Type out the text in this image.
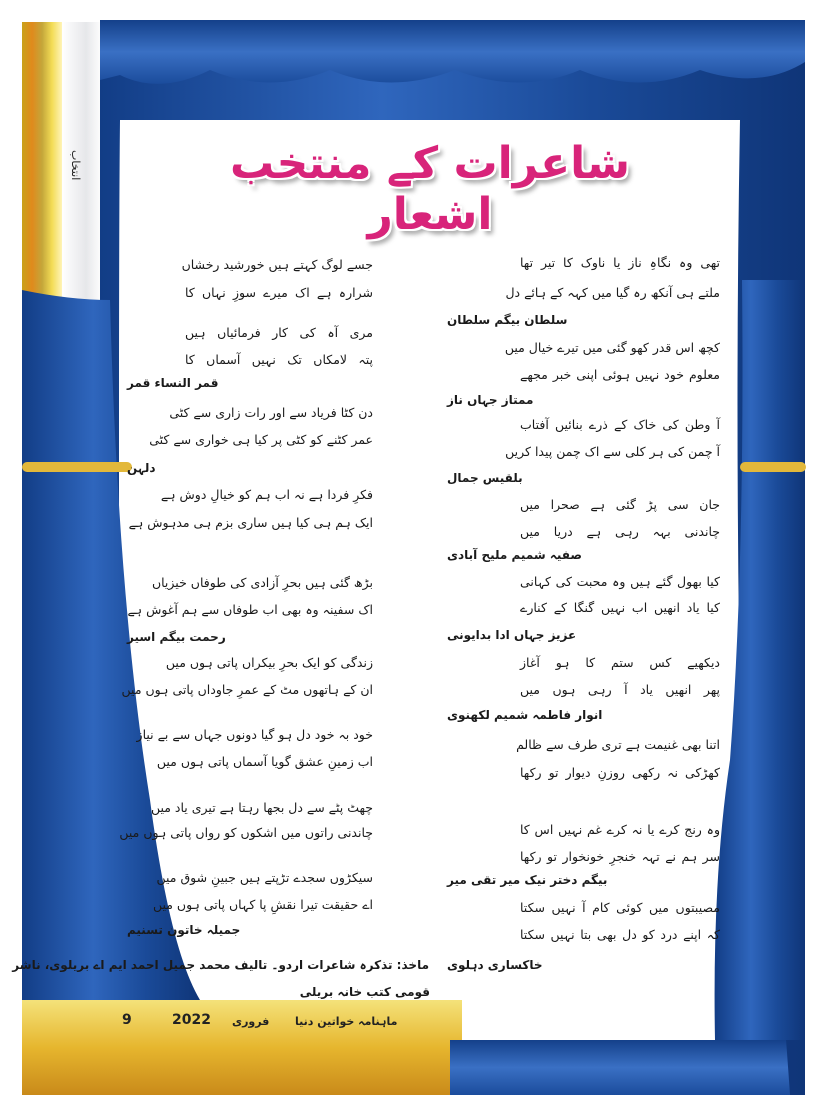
انتخاب	شاعرات کے منتخب اشعار
تھی وہ نگاہِ ناز یا ناوک کا تیر تھا
ملتے ہی آنکھ رہ گیا میں کہہ کے ہائے دل
سلطان بیگم سلطان
کچھ اس قدر کھو گئی میں تیرے خیال میں
معلوم خود نہیں ہوئی اپنی خبر مجھے
ممتاز جہاں ناز
آ وطن کی خاک کے ذرے بنائیں آفتاب
آ چمن کی ہر کلی سے اک چمن پیدا کریں
بلقیس جمال
جان سی پڑ گئی ہے صحرا میں
چاندنی بہہ رہی ہے دریا میں
صفیہ شمیم ملیح آبادی
کیا بھول گئے ہیں وہ محبت کی کہانی
کیا یاد انھیں اب نہیں گنگا کے کنارے
عزیز جہاں ادا بدایونی
دیکھیے کس ستم کا ہو آغاز
پھر انھیں یاد آ رہی ہوں میں
انوار فاطمہ شمیم لکھنوی
اتنا بھی غنیمت ہے تری طرف سے ظالم
کھڑکی نہ رکھی روزنِ دیوار تو رکھا
وہ رنج کرے یا نہ کرے غم نہیں اس کا
سر ہم نے تہہ خنجرِ خونخوار تو رکھا
بیگم دختر نیک میر تقی میر
مصیبتوں میں کوئی کام آ نہیں سکتا
کہ اپنے درد کو دل بھی بتا نہیں سکتا
خاکساری دہلوی
جسے لوگ کہتے ہیں خورشید رخشاں
شرارہ ہے اک میرے سوزِ نہاں کا
مری آہ کی کار فرمائیاں ہیں
پتہ لامکاں تک نہیں آسماں کا
قمر النساء قمر
دن کٹا فریاد سے اور رات زاری سے کٹی
عمر کٹنے کو کٹی پر کیا ہی خواری سے کٹی
دلہن
فکرِ فردا ہے نہ اب ہم کو خیالِ دوش ہے
ایک ہم ہی کیا ہیں ساری بزم ہی مدہوش ہے
بڑھ گئی ہیں بحرِ آزادی کی طوفاں خیزیاں
اک سفینہ وہ بھی اب طوفاں سے ہم آغوش ہے
رحمت بیگم اسیر
زندگی کو ایک بحرِ بیکراں پاتی ہوں میں
ان کے ہاتھوں مٹ کے عمرِ جاوداں پاتی ہوں میں
خود بہ خود دل ہو گیا دونوں جہاں سے بے نیاز
اب زمینِ عشق گویا آسماں پاتی ہوں میں
چھٹ پٹے سے دل بجھا رہتا ہے تیری یاد میں
چاندنی راتوں میں اشکوں کو رواں پاتی ہوں میں
سیکڑوں سجدے تڑپتے ہیں جبینِ شوق میں
اے حقیقت تیرا نقشِ پا کہاں پاتی ہوں میں
جمیلہ خاتون تسنیم
ماخذ: تذکرہ شاعرات اردو۔ تالیف محمد جمیل احمد ایم اے بریلوی، ناشر
قومی کتب خانہ بریلی
9	2022 فروری ماہنامہ خواتین دنیا
